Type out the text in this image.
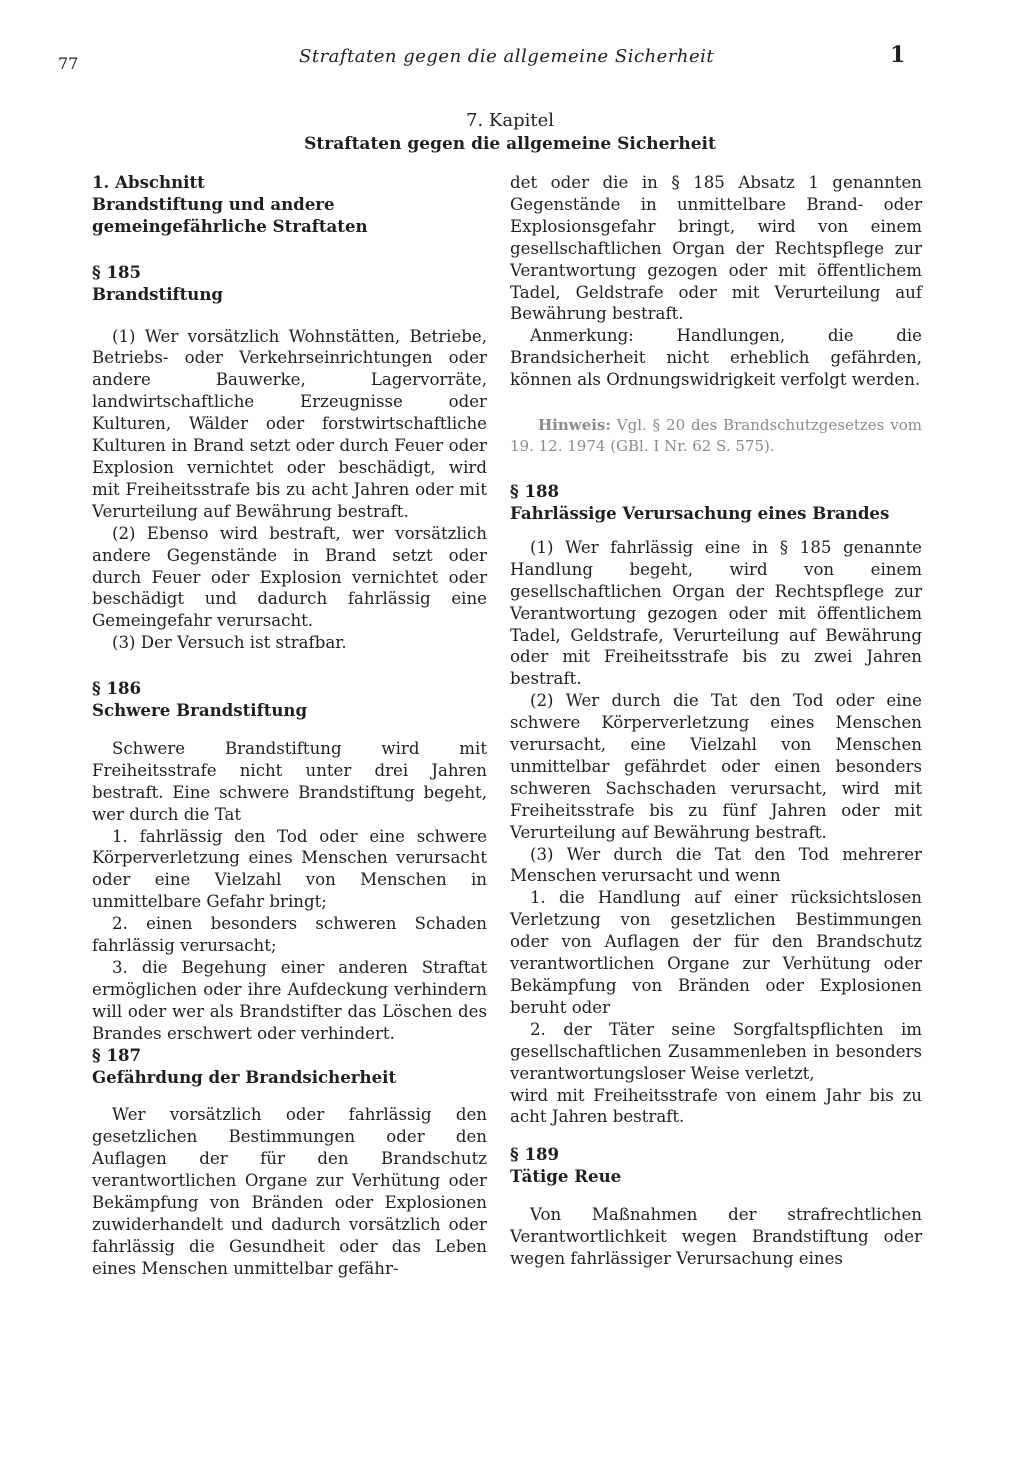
77	Straftaten gegen die allgemeine Sicherheit	1
7. Kapitel
Straftaten gegen die allgemeine Sicherheit

1. Abschnitt

Brandstiftung und andere

gemeingefährliche Straftaten

§ 185

Brandstiftung

(1) Wer vorsätzlich Wohnstätten, Betriebe, Betriebs- oder Verkehrseinrichtungen oder andere Bauwerke, Lagervorräte, landwirtschaftliche Erzeugnisse oder Kulturen, Wälder oder forstwirtschaftliche Kulturen in Brand setzt oder durch Feuer oder Explosion vernichtet oder beschädigt, wird mit Freiheitsstrafe bis zu acht Jahren oder mit Verurteilung auf Bewährung bestraft.

(2) Ebenso wird bestraft, wer vorsätzlich andere Gegenstände in Brand setzt oder durch Feuer oder Explosion vernichtet oder beschädigt und dadurch fahrlässig eine Gemeingefahr verursacht.

(3) Der Versuch ist strafbar.

§ 186

Schwere Brandstiftung

Schwere Brandstiftung wird mit Freiheitsstrafe nicht unter drei Jahren bestraft. Eine schwere Brandstiftung begeht, wer durch die Tat

1. fahrlässig den Tod oder eine schwere Körperverletzung eines Menschen verursacht oder eine Vielzahl von Menschen in unmittelbare Gefahr bringt;

2. einen besonders schweren Schaden fahrlässig verursacht;

3. die Begehung einer anderen Straftat ermöglichen oder ihre Aufdeckung verhindern will oder wer als Brandstifter das Löschen des Brandes erschwert oder verhindert.

§ 187

Gefährdung der Brandsicherheit

Wer vorsätzlich oder fahrlässig den gesetzlichen Bestimmungen oder den Auflagen der für den Brandschutz verantwortlichen Organe zur Verhütung oder Bekämpfung von Bränden oder Explosionen zuwiderhandelt und dadurch vorsätzlich oder fahrlässig die Gesundheit oder das Leben eines Menschen unmittelbar gefähr-

det oder die in § 185 Absatz 1 genannten Gegenstände in unmittelbare Brand- oder Explosionsgefahr bringt, wird von einem gesellschaftlichen Organ der Rechtspflege zur Verantwortung gezogen oder mit öffentlichem Tadel, Geldstrafe oder mit Verurteilung auf Bewährung bestraft.

Anmerkung: Handlungen, die die Brandsicherheit nicht erheblich gefährden, können als Ordnungswidrigkeit verfolgt werden.

Hinweis: Vgl. § 20 des Brandschutzgesetzes vom 19. 12. 1974 (GBl. I Nr. 62 S. 575).

§ 188

Fahrlässige Verursachung eines Brandes

(1) Wer fahrlässig eine in § 185 genannte Handlung begeht, wird von einem gesellschaftlichen Organ der Rechtspflege zur Verantwortung gezogen oder mit öffentlichem Tadel, Geldstrafe, Verurteilung auf Bewährung oder mit Freiheitsstrafe bis zu zwei Jahren bestraft.

(2) Wer durch die Tat den Tod oder eine schwere Körperverletzung eines Menschen verursacht, eine Vielzahl von Menschen unmittelbar gefährdet oder einen besonders schweren Sachschaden verursacht, wird mit Freiheitsstrafe bis zu fünf Jahren oder mit Verurteilung auf Bewährung bestraft.

(3) Wer durch die Tat den Tod mehrerer Menschen verursacht und wenn

1. die Handlung auf einer rücksichtslosen Verletzung von gesetzlichen Bestimmungen oder von Auflagen der für den Brandschutz verantwortlichen Organe zur Verhütung oder Bekämpfung von Bränden oder Explosionen beruht oder

2. der Täter seine Sorgfaltspflichten im gesellschaftlichen Zusammenleben in besonders verantwortungsloser Weise verletzt,

wird mit Freiheitsstrafe von einem Jahr bis zu acht Jahren bestraft.

§ 189

Tätige Reue

Von Maßnahmen der strafrechtlichen Verantwortlichkeit wegen Brandstiftung oder wegen fahrlässiger Verursachung eines
